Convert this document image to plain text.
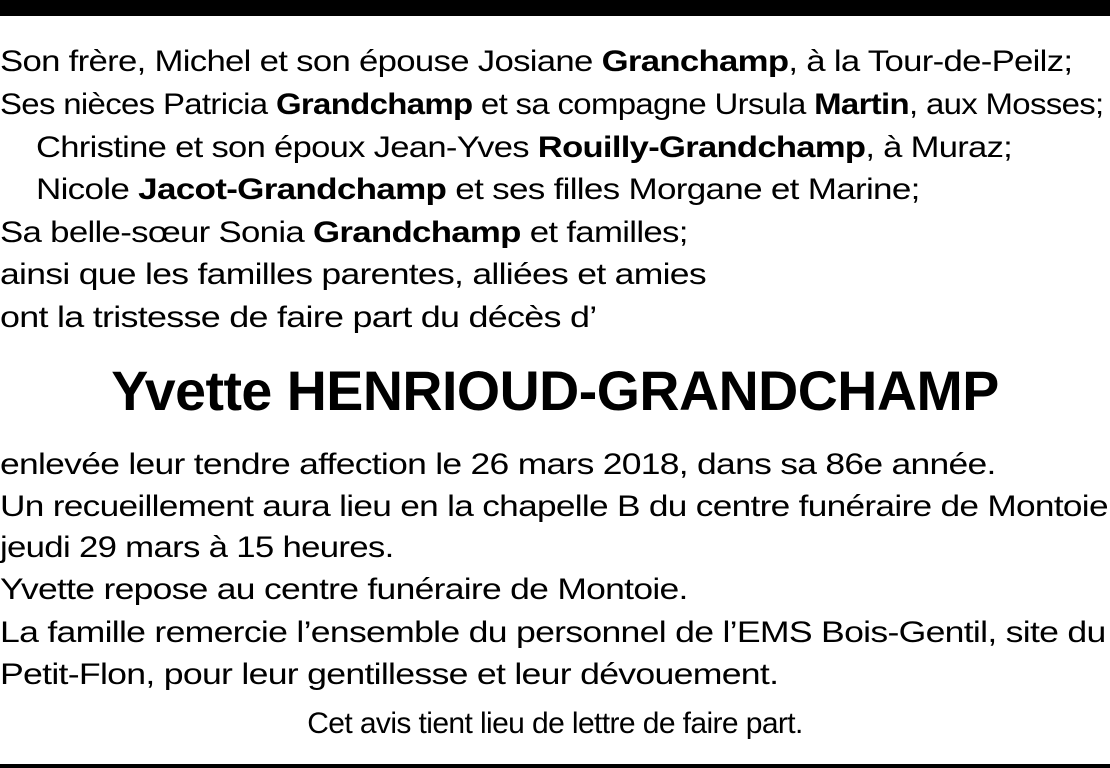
Son frère, Michel et son épouse Josiane Granchamp, à la Tour-de-Peilz;
Ses nièces Patricia Grandchamp et sa compagne Ursula Martin, aux Mosses;
Christine et son époux Jean-Yves Rouilly-Grandchamp, à Muraz;
Nicole Jacot-Grandchamp et ses filles Morgane et Marine;
Sa belle-sœur Sonia Grandchamp et familles;
ainsi que les familles parentes, alliées et amies
ont la tristesse de faire part du décès d’
Yvette HENRIOUD-GRANDCHAMP
enlevée leur tendre affection le 26 mars 2018, dans sa 86e année.
Un recueillement aura lieu en la chapelle B du centre funéraire de Montoie
jeudi 29 mars à 15 heures.
Yvette repose au centre funéraire de Montoie.
La famille remercie l’ensemble du personnel de l’EMS Bois-Gentil, site du
Petit-Flon, pour leur gentillesse et leur dévouement.
Cet avis tient lieu de lettre de faire part.
